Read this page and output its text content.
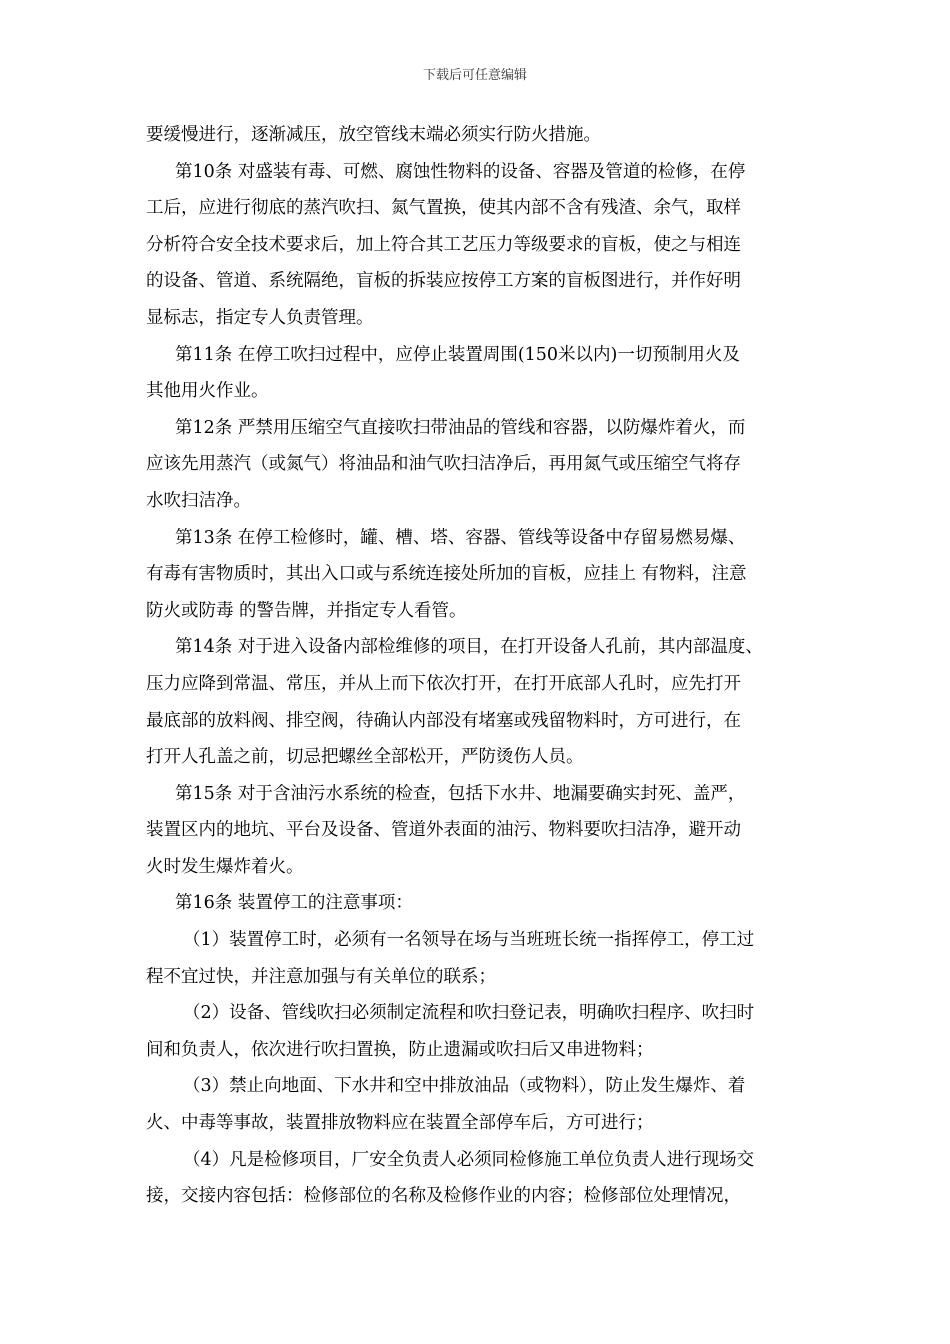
下载后可任意编辑
要缓慢进行，逐渐减压，放空管线末端必须实行防火措施。
第10条 对盛装有毒、可燃、腐蚀性物料的设备、容器及管道的检修，在停
工后，应进行彻底的蒸汽吹扫、氮气置换，使其内部不含有残渣、余气，取样
分析符合安全技术要求后，加上符合其工艺压力等级要求的盲板，使之与相连
的设备、管道、系统隔绝，盲板的拆装应按停工方案的盲板图进行，并作好明
显标志，指定专人负责管理。
第11条 在停工吹扫过程中，应停止装置周围(150米以内)一切预制用火及
其他用火作业。
第12条 严禁用压缩空气直接吹扫带油品的管线和容器，以防爆炸着火，而
应该先用蒸汽（或氮气）将油品和油气吹扫洁净后，再用氮气或压缩空气将存
水吹扫洁净。
第13条 在停工检修时，罐、槽、塔、容器、管线等设备中存留易燃易爆、
有毒有害物质时，其出入口或与系统连接处所加的盲板，应挂上 有物料，注意
防火或防毒 的警告牌，并指定专人看管。
第14条 对于进入设备内部检维修的项目，在打开设备人孔前，其内部温度、
压力应降到常温、常压，并从上而下依次打开，在打开底部人孔时，应先打开
最底部的放料阀、排空阀，待确认内部没有堵塞或残留物料时，方可进行，在
打开人孔盖之前，切忌把螺丝全部松开，严防烫伤人员。
第15条 对于含油污水系统的检查，包括下水井、地漏要确实封死、盖严，
装置区内的地坑、平台及设备、管道外表面的油污、物料要吹扫洁净，避开动
火时发生爆炸着火。
第16条 装置停工的注意事项：
（1）装置停工时，必须有一名领导在场与当班班长统一指挥停工，停工过
程不宜过快，并注意加强与有关单位的联系；
（2）设备、管线吹扫必须制定流程和吹扫登记表，明确吹扫程序、吹扫时
间和负责人，依次进行吹扫置换，防止遗漏或吹扫后又串进物料；
（3）禁止向地面、下水井和空中排放油品（或物料），防止发生爆炸、着
火、中毒等事故，装置排放物料应在装置全部停车后，方可进行；
（4）凡是检修项目，厂安全负责人必须同检修施工单位负责人进行现场交
接，交接内容包括：检修部位的名称及检修作业的内容；检修部位处理情况，
